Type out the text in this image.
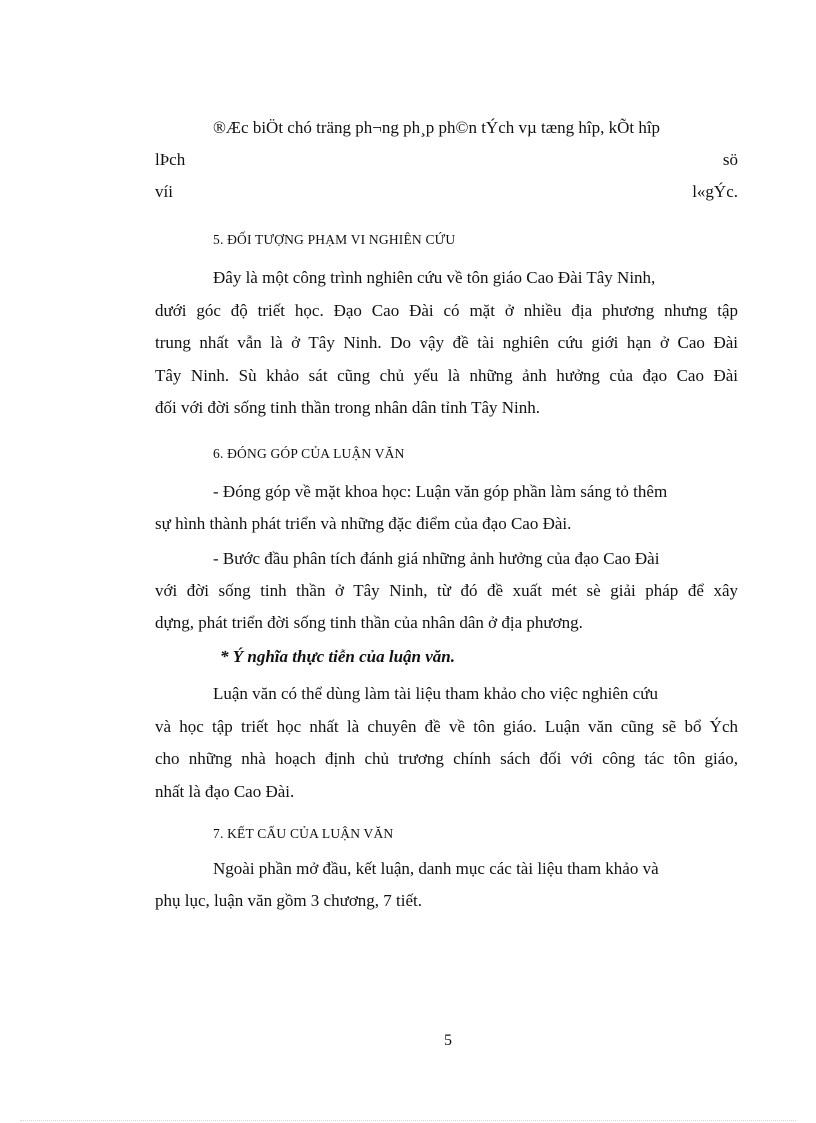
®Æc biÖt chó träng ph¬ng ph¸p ph©n tÝch vµ tæng hîp, kÕt hîp
lÞch	sö
víi	l«gÝc.
5. ĐỐI TƯỢNG PHẠM VI NGHIÊN CỨU
Đây là một công trình nghiên cứu về tôn giáo Cao Đài Tây Ninh,
dưới góc độ triết học. Đạo Cao Đài có mặt ở nhiều địa phương nhưng tập
trung nhất vẫn là ở Tây Ninh. Do vậy đề tài nghiên cứu giới hạn ở Cao Đài
Tây Ninh. Sù khảo sát cũng chủ yếu là những ảnh hưởng của đạo Cao Đài
đối với đời sống tinh thần trong nhân dân tỉnh Tây Ninh.
6. ĐÓNG GÓP CỦA LUẬN VĂN
- Đóng góp về mặt khoa học: Luận văn góp phần làm sáng tỏ thêm
sự hình thành phát triển và những đặc điểm của đạo Cao Đài.
- Bước đầu phân tích đánh giá những ảnh hưởng của đạo Cao Đài
với đời sống tinh thần ở Tây Ninh, từ đó đề xuất mét sè giải pháp để xây
dựng, phát triển đời sống tinh thần của nhân dân ở địa phương.
* Ý nghĩa thực tiễn của luận văn.
Luận văn có thể dùng làm tài liệu tham khảo cho việc nghiên cứu
và học tập triết học nhất là chuyên đề về tôn giáo. Luận văn cũng sẽ bổ Ých
cho những nhà hoạch định chủ trương chính sách đối với công tác tôn giáo,
nhất là đạo Cao Đài.
7. KẾT CẤU CỦA LUẬN VĂN
Ngoài phần mở đầu, kết luận, danh mục các tài liệu tham khảo và
phụ lục, luận văn gồm 3 chương, 7 tiết.
5
